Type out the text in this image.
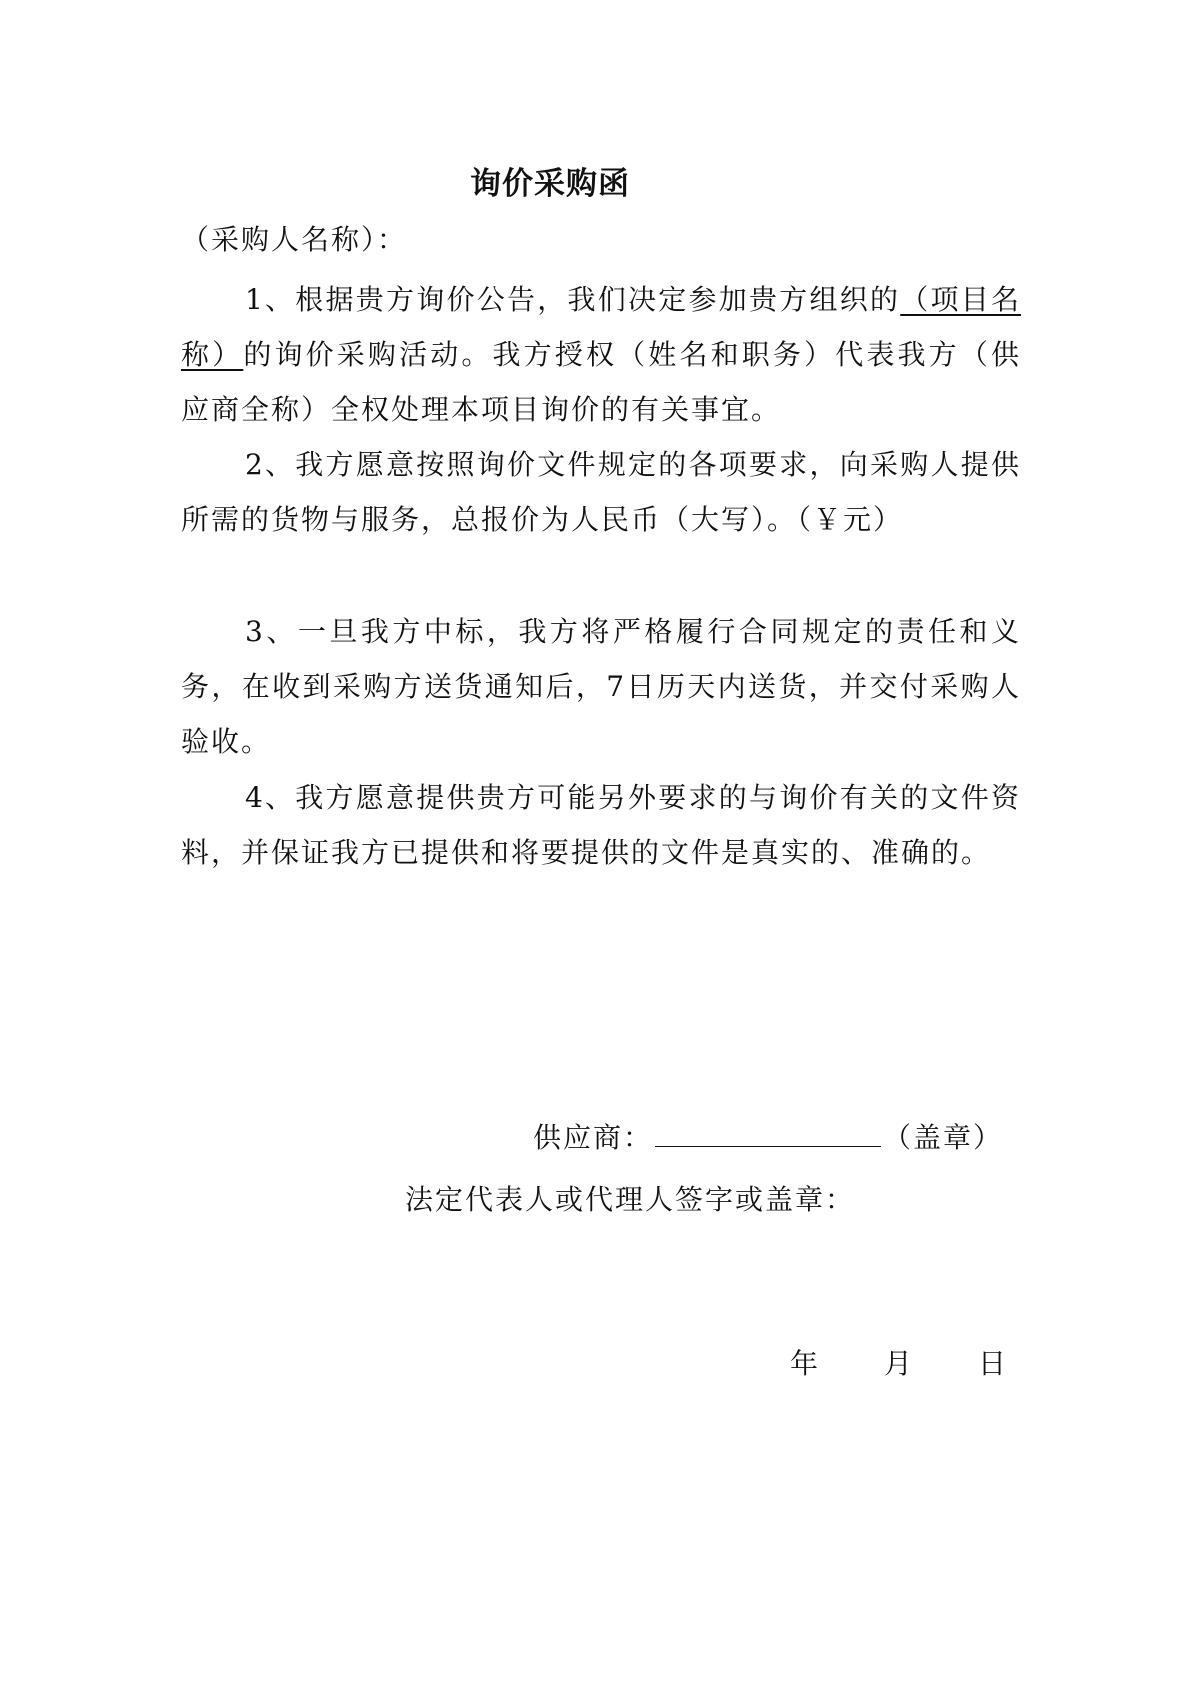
询价采购函
（采购人名称）：
1、根据贵方询价公告，我们决定参加贵方组织的（项目名称）的询价采购活动。我方授权（姓名和职务）代表我方（供应商全称）全权处理本项目询价的有关事宜。
2、我方愿意按照询价文件规定的各项要求，向采购人提供所需的货物与服务，总报价为人民币（大写）。（￥元）
3、一旦我方中标，我方将严格履行合同规定的责任和义务，在收到采购方送货通知后，7日历天内送货，并交付采购人验收。
4、我方愿意提供贵方可能另外要求的与询价有关的文件资料，并保证我方已提供和将要提供的文件是真实的、准确的。
供应商：	（盖章）
法定代表人或代理人签字或盖章：
年 月 日
